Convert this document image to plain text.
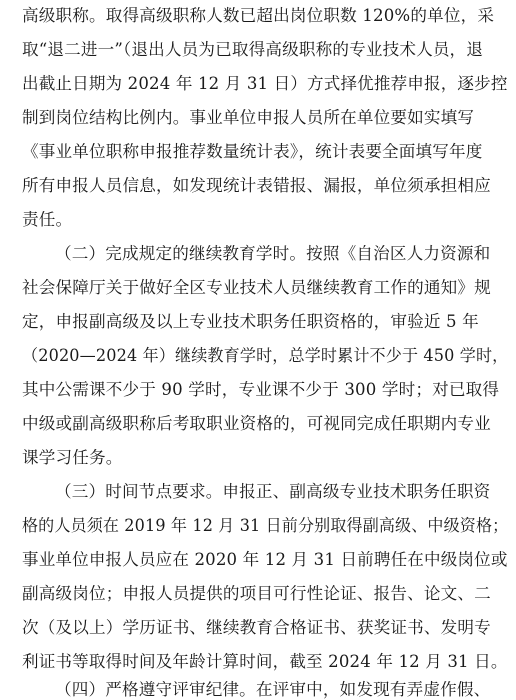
高级职称。取得高级职称人数已超出岗位职数 120%的单位，采
取“退二进一”（退出人员为已取得高级职称的专业技术人员，退
出截止日期为 2024 年 12 月 31 日）方式择优推荐申报，逐步控
制到岗位结构比例内。事业单位申报人员所在单位要如实填写
《事业单位职称申报推荐数量统计表》，统计表要全面填写年度
所有申报人员信息，如发现统计表错报、漏报，单位须承担相应
责任。
（二）完成规定的继续教育学时。按照《自治区人力资源和
社会保障厅关于做好全区专业技术人员继续教育工作的通知》规
定，申报副高级及以上专业技术职务任职资格的，审验近 5 年
（2020—2024 年）继续教育学时，总学时累计不少于 450 学时，
其中公需课不少于 90 学时，专业课不少于 300 学时；对已取得
中级或副高级职称后考取职业资格的，可视同完成任职期内专业
课学习任务。
（三）时间节点要求。申报正、副高级专业技术职务任职资
格的人员须在 2019 年 12 月 31 日前分别取得副高级、中级资格；
事业单位申报人员应在 2020 年 12 月 31 日前聘任在中级岗位或
副高级岗位；申报人员提供的项目可行性论证、报告、论文、二
次（及以上）学历证书、继续教育合格证书、获奖证书、发明专
利证书等取得时间及年龄计算时间，截至 2024 年 12 月 31 日。
（四）严格遵守评审纪律。在评审中，如发现有弄虚作假、
